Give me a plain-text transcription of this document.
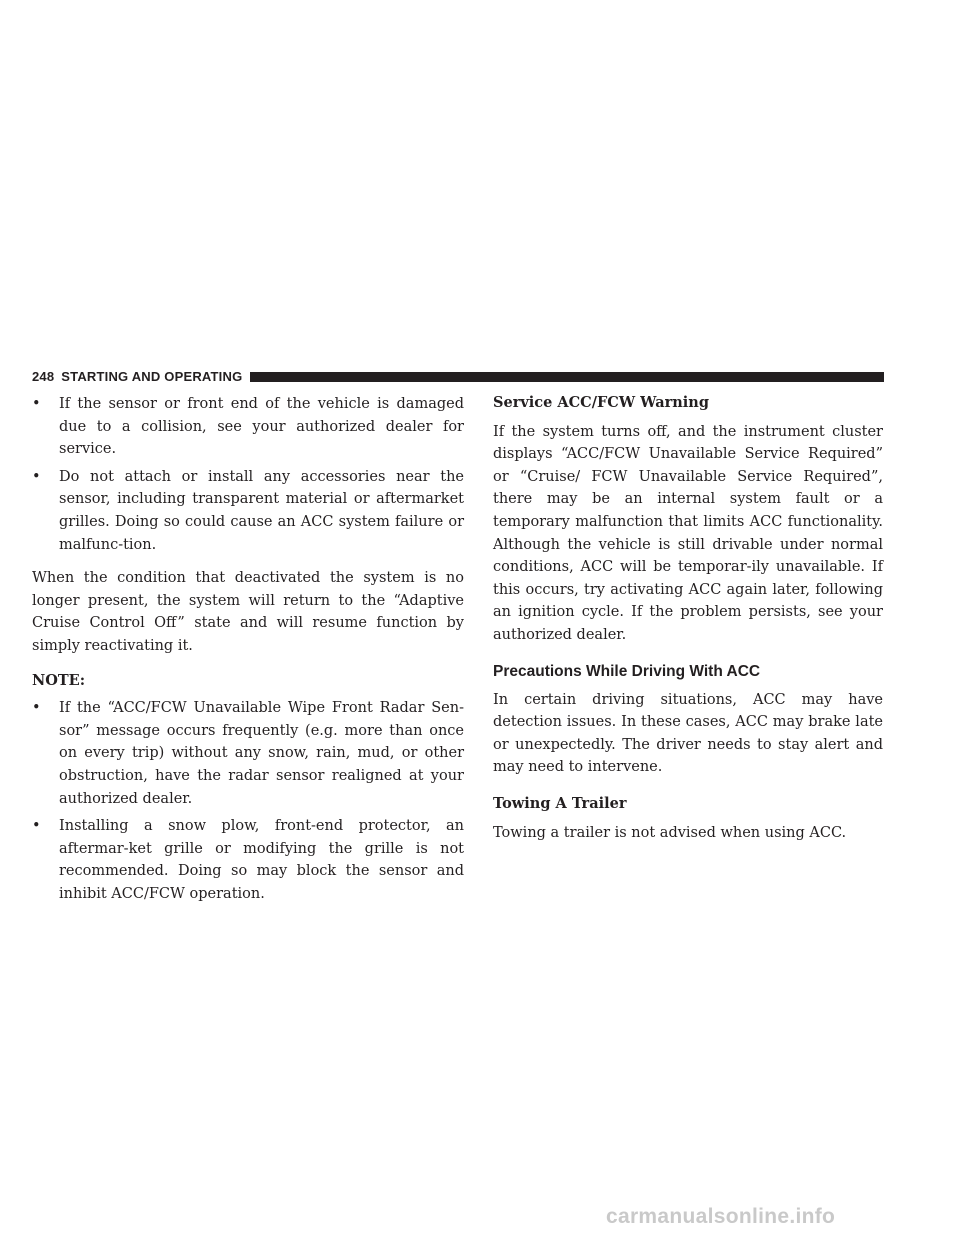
248 STARTING AND OPERATING
• If the sensor or front end of the vehicle is damaged due to a collision, see your authorized dealer for service.
• Do not attach or install any accessories near the sensor, including transparent material or aftermarket grilles. Doing so could cause an ACC system failure or malfunc-tion.

When the condition that deactivated the system is no longer present, the system will return to the “Adaptive Cruise Control Off” state and will resume function by simply reactivating it.

NOTE:
• If the “ACC/FCW Unavailable Wipe Front Radar Sen-sor” message occurs frequently (e.g. more than once on every trip) without any snow, rain, mud, or other obstruction, have the radar sensor realigned at your authorized dealer.
• Installing a snow plow, front-end protector, an aftermar-ket grille or modifying the grille is not recommended. Doing so may block the sensor and inhibit ACC/FCW operation.
Service ACC/FCW Warning

If the system turns off, and the instrument cluster displays “ACC/FCW Unavailable Service Required” or “Cruise/ FCW Unavailable Service Required”, there may be an internal system fault or a temporary malfunction that limits ACC functionality. Although the vehicle is still drivable under normal conditions, ACC will be temporar-ily unavailable. If this occurs, try activating ACC again later, following an ignition cycle. If the problem persists, see your authorized dealer.

Precautions While Driving With ACC

In certain driving situations, ACC may have detection issues. In these cases, ACC may brake late or unexpectedly. The driver needs to stay alert and may need to intervene.

Towing A Trailer

Towing a trailer is not advised when using ACC.

carmanualsonline.info
